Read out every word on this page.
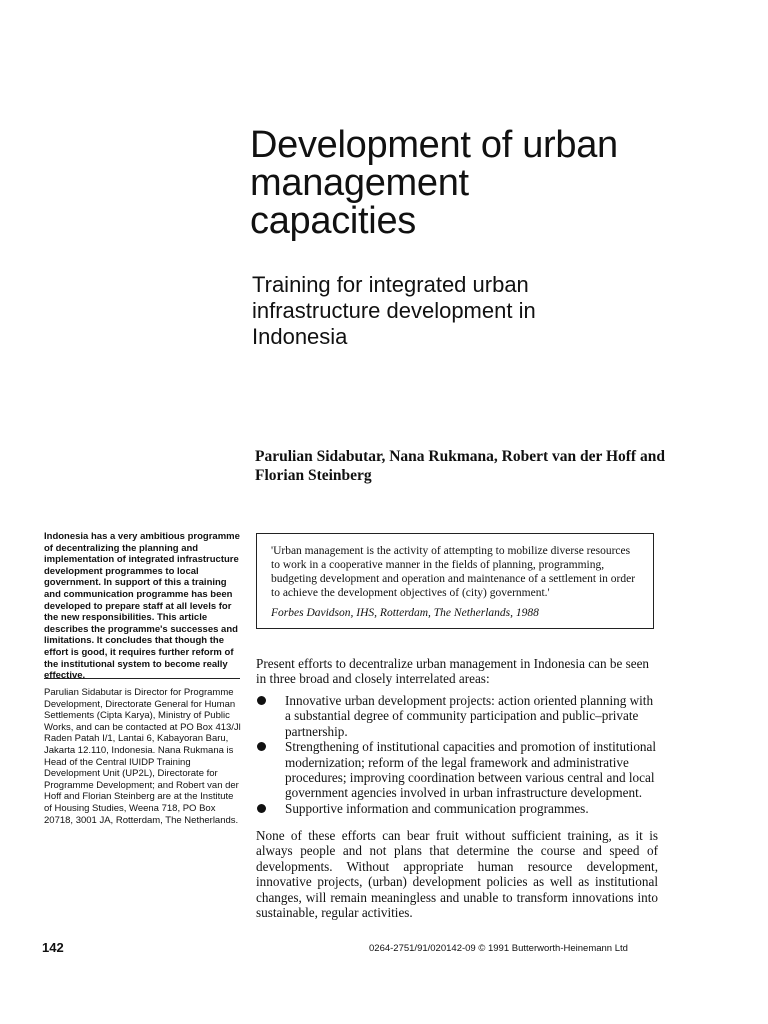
Development of urban
management
capacities
Training for integrated urban
infrastructure development in
Indonesia

Parulian Sidabutar, Nana Rukmana, Robert van der Hoff and Florian Steinberg

Indonesia has a very ambitious programme of decentralizing the planning and implementation of integrated infrastructure development programmes to local government. In support of this a training and communication programme has been developed to prepare staff at all levels for the new responsibilities. This article describes the programme's successes and limitations. It concludes that though the effort is good, it requires further reform of the institutional system to become really effective.

Parulian Sidabutar is Director for Programme Development, Directorate General for Human Settlements (Cipta Karya), Ministry of Public Works, and can be contacted at PO Box 413/Jl Raden Patah I/1, Lantai 6, Kabayoran Baru, Jakarta 12.110, Indonesia. Nana Rukmana is Head of the Central IUIDP Training Development Unit (UP2L), Directorate for Programme Development; and Robert van der Hoff and Florian Steinberg are at the Institute of Housing Studies, Weena 718, PO Box 20718, 3001 JA, Rotterdam, The Netherlands.

'Urban management is the activity of attempting to mobilize diverse resources to work in a cooperative manner in the fields of planning, programming, budgeting development and operation and maintenance of a settlement in order to achieve the development objectives of (city) government.'

Forbes Davidson, IHS, Rotterdam, The Netherlands, 1988

Present efforts to decentralize urban management in Indonesia can be seen in three broad and closely interrelated areas:

Innovative urban development projects: action oriented planning with a substantial degree of community participation and public–private partnership.
Strengthening of institutional capacities and promotion of institutional modernization; reform of the legal framework and administrative procedures; improving coordination between various central and local government agencies involved in urban infrastructure development.
Supportive information and communication programmes.

None of these efforts can bear fruit without sufficient training, as it is always people and not plans that determine the course and speed of developments. Without appropriate human resource development, innovative projects, (urban) development policies as well as institutional changes, will remain meaningless and unable to transform innovations into sustainable, regular activities.

142	0264-2751/91/020142-09 © 1991 Butterworth-Heinemann Ltd
